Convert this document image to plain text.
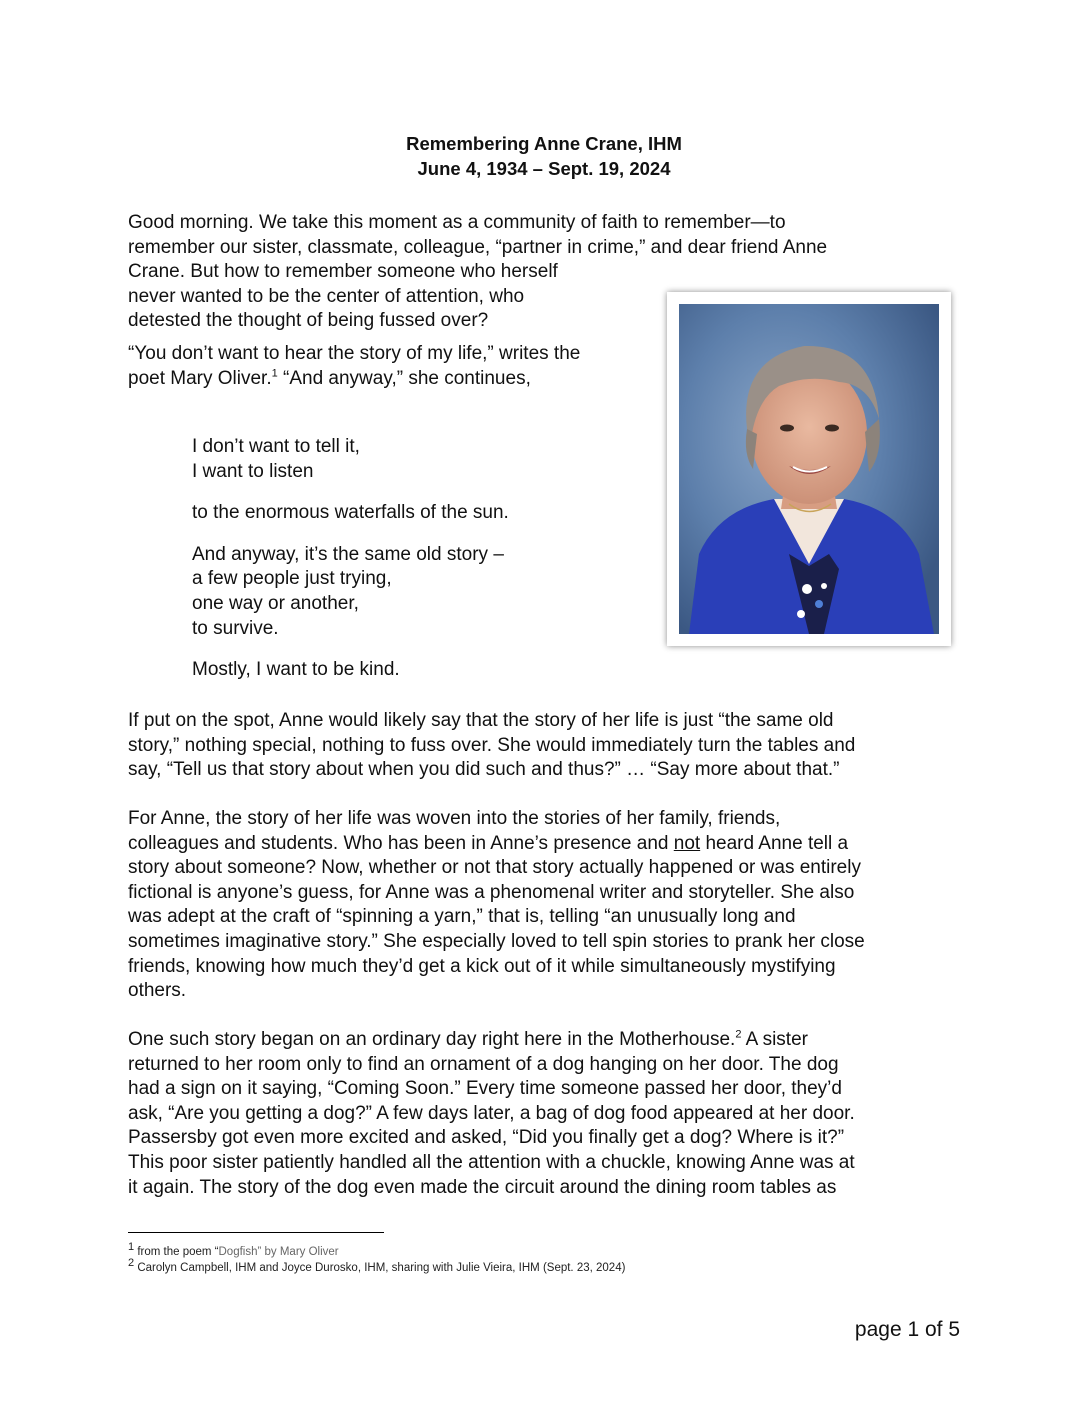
Remembering Anne Crane, IHM
June 4, 1934 – Sept. 19, 2024
Good morning. We take this moment as a community of faith to remember—to
remember our sister, classmate, colleague, “partner in crime,” and dear friend Anne
Crane. But how to remember someone who herself
never wanted to be the center of attention, who
detested the thought of being fussed over?
“You don’t want to hear the story of my life,” writes the
poet Mary Oliver.$^1$ “And anyway,” she continues,
I don’t want to tell it,
I want to listen
to the enormous waterfalls of the sun.
And anyway, it’s the same old story –
a few people just trying,
one way or another,
to survive.
Mostly, I want to be kind.
If put on the spot, Anne would likely say that the story of her life is just “the same old
story,” nothing special, nothing to fuss over. She would immediately turn the tables and
say, “Tell us that story about when you did such and thus?” … “Say more about that.”
For Anne, the story of her life was woven into the stories of her family, friends,
colleagues and students. Who has been in Anne’s presence and not heard Anne tell a
story about someone? Now, whether or not that story actually happened or was entirely
fictional is anyone’s guess, for Anne was a phenomenal writer and storyteller. She also
was adept at the craft of “spinning a yarn,” that is, telling “an unusually long and
sometimes imaginative story.” She especially loved to tell spin stories to prank her close
friends, knowing how much they’d get a kick out of it while simultaneously mystifying
others.
One such story began on an ordinary day right here in the Motherhouse.$^2$ A sister
returned to her room only to find an ornament of a dog hanging on her door. The dog
had a sign on it saying, “Coming Soon.” Every time someone passed her door, they’d
ask, “Are you getting a dog?” A few days later, a bag of dog food appeared at her door.
Passersby got even more excited and asked, “Did you finally get a dog? Where is it?”
This poor sister patiently handled all the attention with a chuckle, knowing Anne was at
it again. The story of the dog even made the circuit around the dining room tables as
$^1$ from the poem “Dogfish” by Mary Oliver
$^2$ Carolyn Campbell, IHM and Joyce Durosko, IHM, sharing with Julie Vieira, IHM (Sept. 23, 2024)
page 1 of 5
